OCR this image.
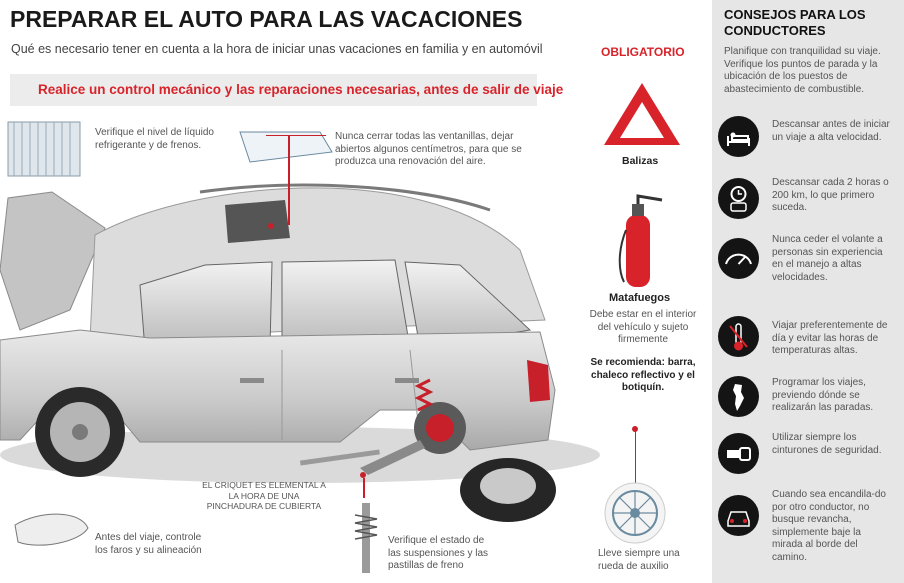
PREPARAR EL AUTO PARA LAS VACACIONES
Qué es necesario tener en cuenta a la hora de iniciar unas vacaciones en familia y en automóvil
Realice un control mecánico y las reparaciones necesarias, antes de salir de viaje
Verifique el nivel de líquido refrigerante y de frenos.
Nunca cerrar todas las ventanillas, dejar abiertos algunos centímetros, para que se produzca una renovación del aire.
EL CRIQUET ES ELEMENTAL A LA HORA DE UNA PINCHADURA DE CUBIERTA
Antes del viaje, controle los faros y su alineación
Verifique el estado de las suspensiones y las pastillas de freno
Lleve siempre una rueda de auxilio
OBLIGATORIO
Balizas
Matafuegos
Debe estar en el interior del vehículo y sujeto firmemente
Se recomienda: barra, chaleco reflectivo y el botiquín.
CONSEJOS PARA LOS CONDUCTORES
Planifique con tranquilidad su viaje. Verifique los puntos de parada y la ubicación de los puestos de abastecimiento de combustible.
Descansar antes de iniciar un viaje a alta velocidad.
Descansar cada 2 horas o 200 km, lo que primero suceda.
Nunca ceder el volante a personas sin experiencia en el manejo a altas velocidades.
Viajar preferentemente de día y evitar las horas de temperaturas altas.
Programar los viajes, previendo dónde se realizarán las paradas.
Utilizar siempre los cinturones de seguridad.
Cuando sea encandila-do por otro conductor, no busque revancha, simplemente baje la mirada al borde del camino.
